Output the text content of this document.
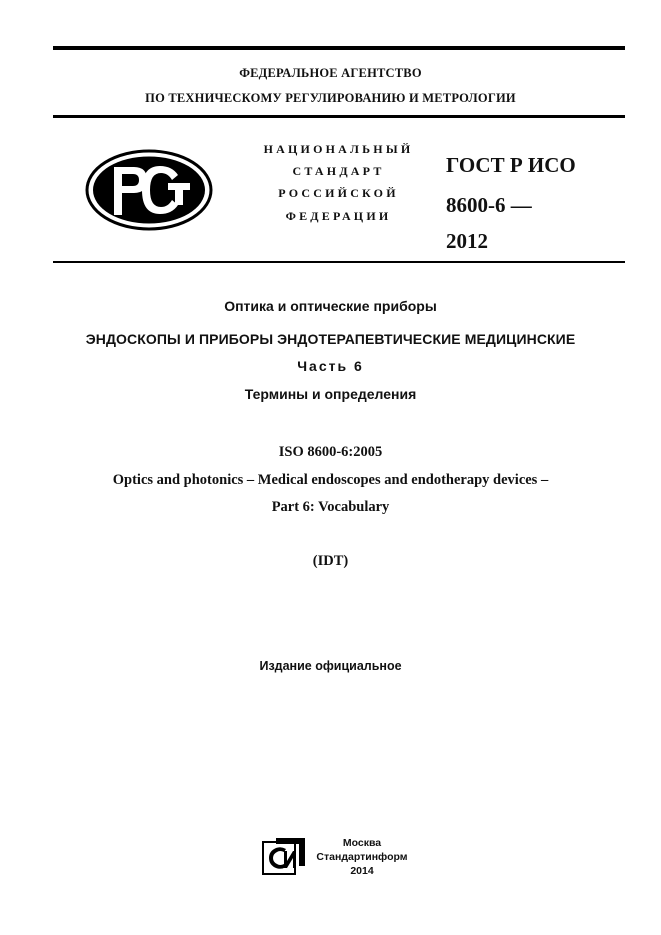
ФЕДЕРАЛЬНОЕ АГЕНТСТВО
ПО ТЕХНИЧЕСКОМУ РЕГУЛИРОВАНИЮ И МЕТРОЛОГИИ
НАЦИОНАЛЬНЫЙ
СТАНДАРТ
РОССИЙСКОЙ
ФЕДЕРАЦИИ
ГОСТ Р ИСО
8600-6 —
2012
Оптика и оптические приборы
ЭНДОСКОПЫ И ПРИБОРЫ ЭНДОТЕРАПЕВТИЧЕСКИЕ МЕДИЦИНСКИЕ
Часть 6
Термины и определения
ISO 8600-6:2005
Optics and photonics – Medical endoscopes and endotherapy devices –
Part 6: Vocabulary
(IDT)
Издание официальное
Москва
Стандартинформ
2014
